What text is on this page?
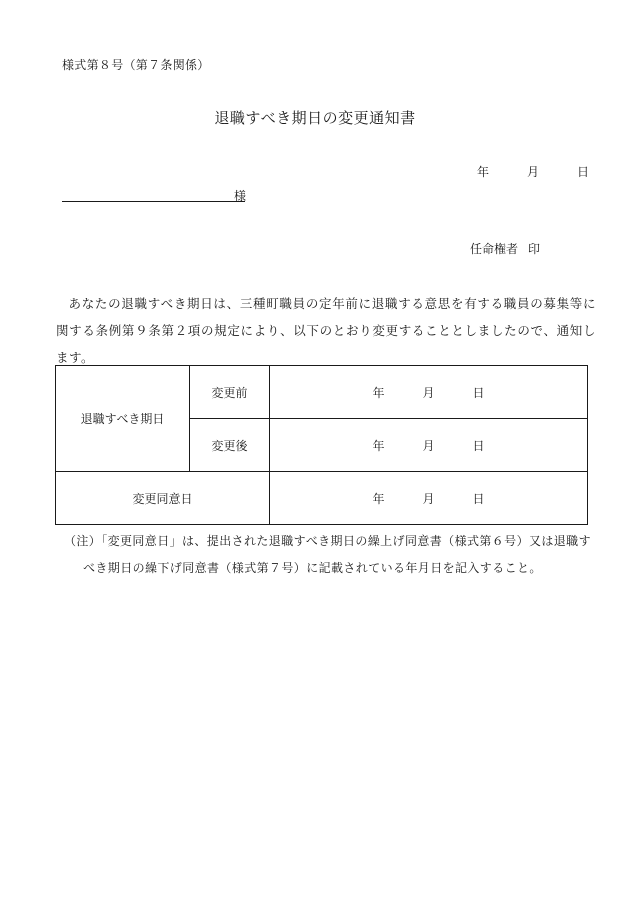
様式第８号（第７条関係）
退職すべき期日の変更通知書
年	月	日
様
任命権者 印
あなたの退職すべき期日は、三種町職員の定年前に退職する意思を有する職員の募集等に関する条例第９条第２項の規定により、以下のとおり変更することとしましたので、通知します。
退職すべき期日	変更前	年 月 日
	変更後	年 月 日
変更同意日		年 月 日
（注）「変更同意日」は、提出された退職すべき期日の繰上げ同意書（様式第６号）又は退職す
べき期日の繰下げ同意書（様式第７号）に記載されている年月日を記入すること。
